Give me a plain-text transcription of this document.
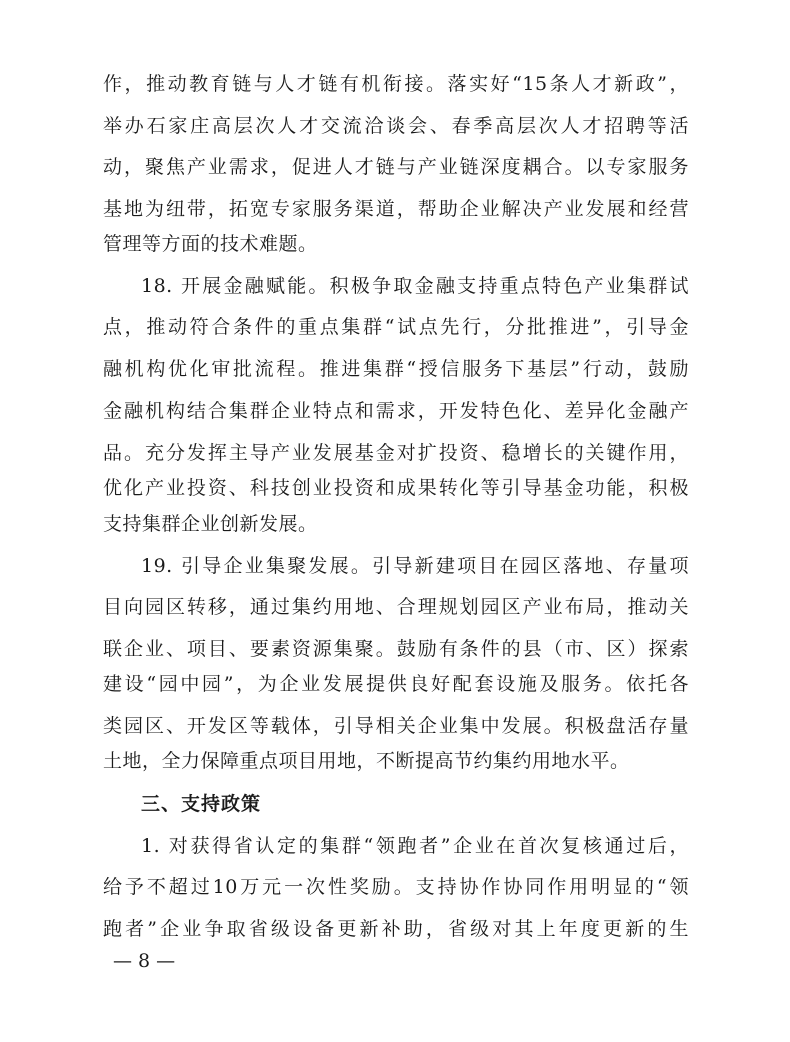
作，推动教育链与人才链有机衔接。落实好“15条人才新政”，
举办石家庄高层次人才交流洽谈会、春季高层次人才招聘等活
动，聚焦产业需求，促进人才链与产业链深度耦合。以专家服务
基地为纽带，拓宽专家服务渠道，帮助企业解决产业发展和经营
管理等方面的技术难题。
18. 开展金融赋能。积极争取金融支持重点特色产业集群试
点，推动符合条件的重点集群“试点先行，分批推进”，引导金
融机构优化审批流程。推进集群“授信服务下基层”行动，鼓励
金融机构结合集群企业特点和需求，开发特色化、差异化金融产
品。充分发挥主导产业发展基金对扩投资、稳增长的关键作用，
优化产业投资、科技创业投资和成果转化等引导基金功能，积极
支持集群企业创新发展。
19. 引导企业集聚发展。引导新建项目在园区落地、存量项
目向园区转移，通过集约用地、合理规划园区产业布局，推动关
联企业、项目、要素资源集聚。鼓励有条件的县（市、区）探索
建设“园中园”，为企业发展提供良好配套设施及服务。依托各
类园区、开发区等载体，引导相关企业集中发展。积极盘活存量
土地，全力保障重点项目用地，不断提高节约集约用地水平。
三、支持政策
1. 对获得省认定的集群“领跑者”企业在首次复核通过后，
给予不超过10万元一次性奖励。支持协作协同作用明显的“领
跑者”企业争取省级设备更新补助，省级对其上年度更新的生
— 8 —
